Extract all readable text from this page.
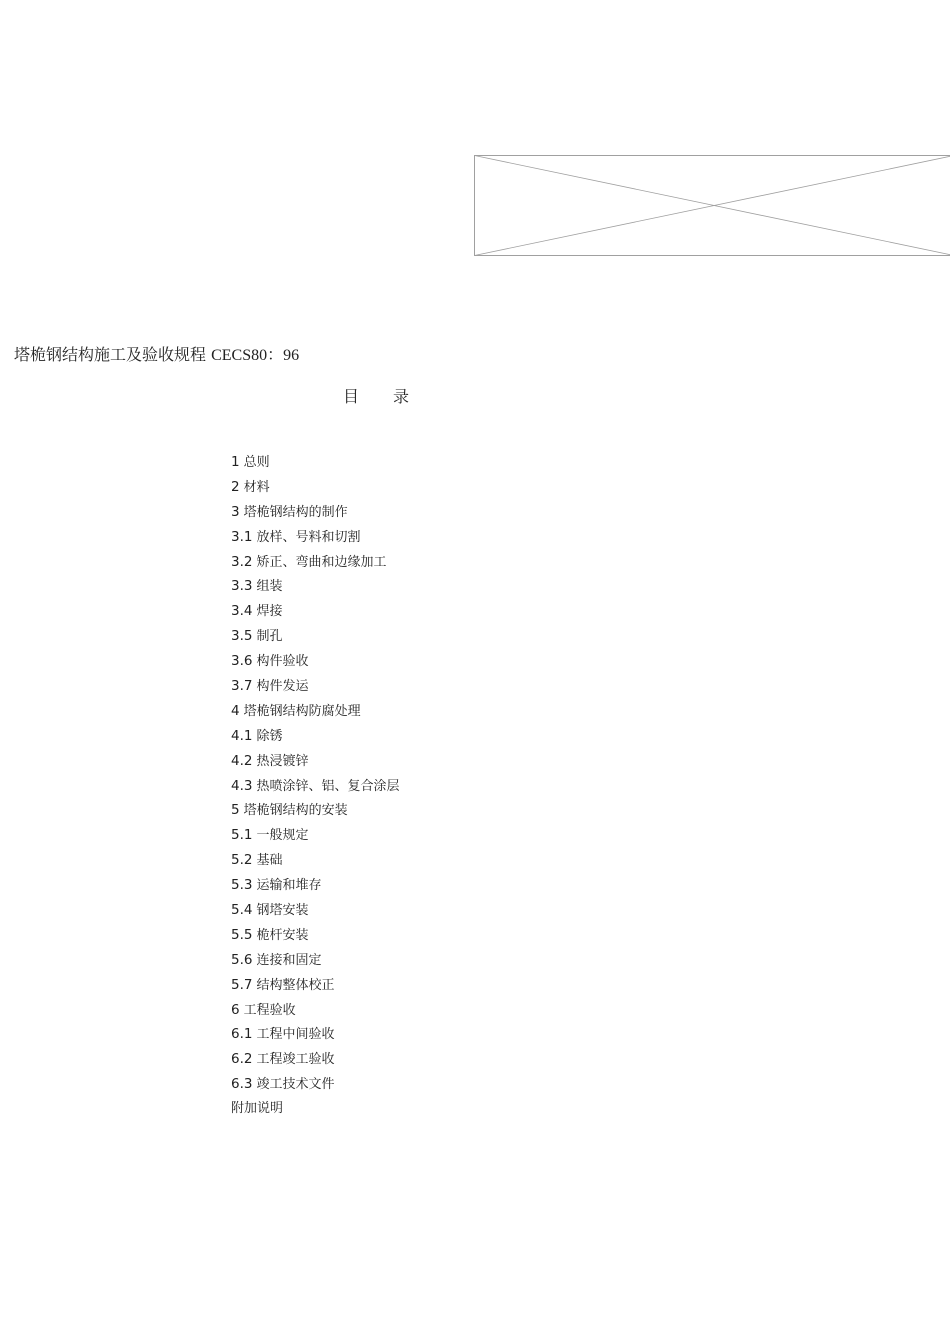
塔桅钢结构施工及验收规程 CECS80：96
目 录
1 总则
2 材料
3 塔桅钢结构的制作
3.1 放样、号料和切割
3.2 矫正、弯曲和边缘加工
3.3 组装
3.4 焊接
3.5 制孔
3.6 构件验收
3.7 构件发运
4 塔桅钢结构防腐处理
4.1 除锈
4.2 热浸镀锌
4.3 热喷涂锌、铝、复合涂层
5 塔桅钢结构的安装
5.1 一般规定
5.2 基础
5.3 运输和堆存
5.4 钢塔安装
5.5 桅杆安装
5.6 连接和固定
5.7 结构整体校正
6 工程验收
6.1 工程中间验收
6.2 工程竣工验收
6.3 竣工技术文件
附加说明
